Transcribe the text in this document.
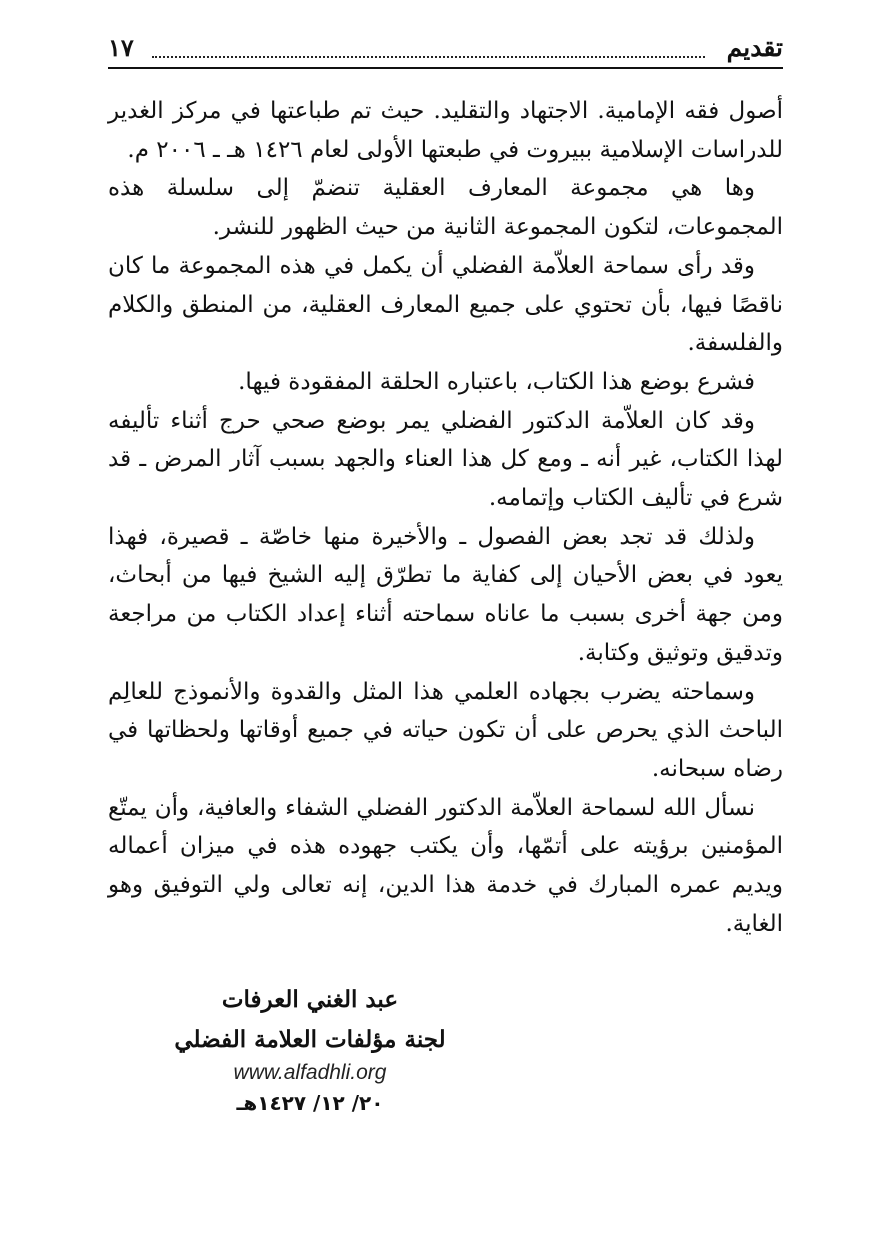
تقديم
١٧

أصول فقه الإمامية. الاجتهاد والتقليد. حيث تم طباعتها في مركز الغدير للدراسات الإسلامية ببيروت في طبعتها الأولى لعام ١٤٢٦ هـ ـ ٢٠٠٦ م.

وها هي مجموعة المعارف العقلية تنضمّ إلى سلسلة هذه المجموعات، لتكون المجموعة الثانية من حيث الظهور للنشر.

وقد رأى سماحة العلاّمة الفضلي أن يكمل في هذه المجموعة ما كان ناقصًا فيها، بأن تحتوي على جميع المعارف العقلية، من المنطق والكلام والفلسفة.

فشرع بوضع هذا الكتاب، باعتباره الحلقة المفقودة فيها.

وقد كان العلاّمة الدكتور الفضلي يمر بوضع صحي حرج أثناء تأليفه لهذا الكتاب، غير أنه ـ ومع كل هذا العناء والجهد بسبب آثار المرض ـ قد شرع في تأليف الكتاب وإتمامه.

ولذلك قد تجد بعض الفصول ـ والأخيرة منها خاصّة ـ قصيرة، فهذا يعود في بعض الأحيان إلى كفاية ما تطرّق إليه الشيخ فيها من أبحاث، ومن جهة أخرى بسبب ما عاناه سماحته أثناء إعداد الكتاب من مراجعة وتدقيق وتوثيق وكتابة.

وسماحته يضرب بجهاده العلمي هذا المثل والقدوة والأنموذج للعالِم الباحث الذي يحرص على أن تكون حياته في جميع أوقاتها ولحظاتها في رضاه سبحانه.

نسأل الله لسماحة العلاّمة الدكتور الفضلي الشفاء والعافية، وأن يمتّع المؤمنين برؤيته على أتمّها، وأن يكتب جهوده هذه في ميزان أعماله ويديم عمره المبارك في خدمة هذا الدين، إنه تعالى ولي التوفيق وهو الغاية.

عبد الغني العرفات
لجنة مؤلفات العلامة الفضلي
www.alfadhli.org
٢٠/ ١٢/ ١٤٢٧هـ
